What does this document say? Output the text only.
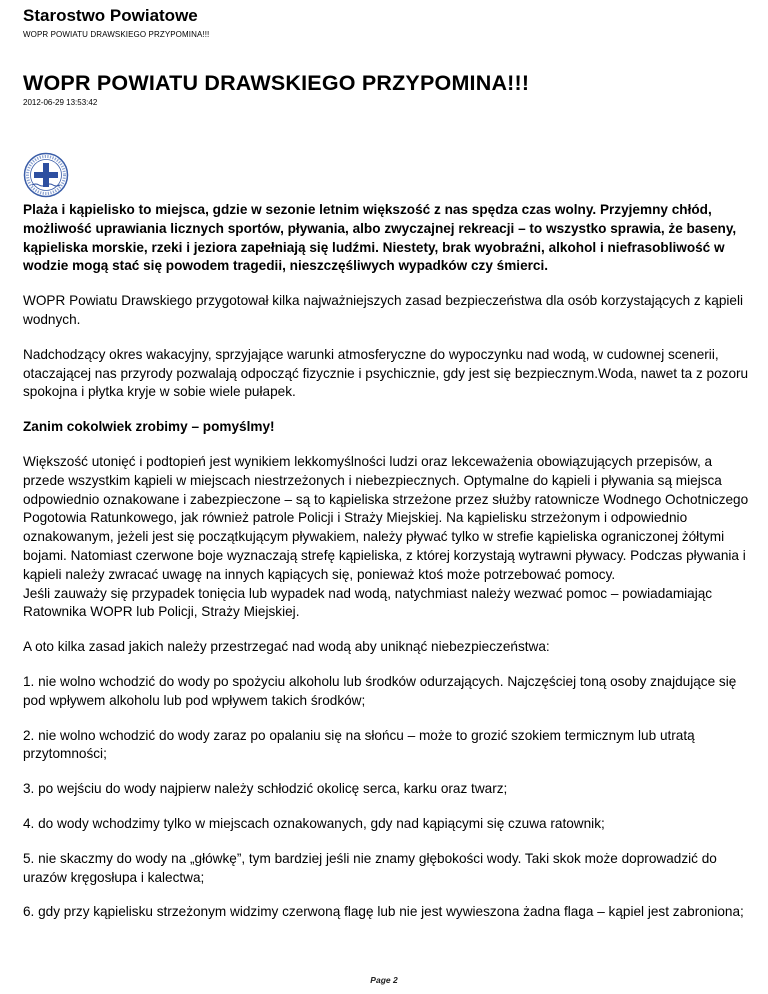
Starostwo Powiatowe
WOPR POWIATU DRAWSKIEGO PRZYPOMINA!!!
WOPR POWIATU DRAWSKIEGO PRZYPOMINA!!!
2012-06-29 13:53:42

Plaża i kąpielisko to miejsca, gdzie w sezonie letnim większość z nas spędza czas wolny. Przyjemny chłód, możliwość uprawiania licznych sportów, pływania, albo zwyczajnej rekreacji – to wszystko sprawia, że baseny, kąpieliska morskie, rzeki i jeziora zapełniają się ludźmi. Niestety, brak wyobraźni, alkohol i niefrasobliwość w wodzie mogą stać się powodem tragedii, nieszczęśliwych wypadków czy śmierci.

WOPR Powiatu Drawskiego przygotował kilka najważniejszych zasad bezpieczeństwa dla osób korzystających z kąpieli wodnych.

Nadchodzący okres wakacyjny, sprzyjające warunki atmosferyczne do wypoczynku nad wodą, w cudownej scenerii, otaczającej nas przyrody pozwalają odpocząć fizycznie i psychicznie, gdy jest się bezpiecznym.Woda, nawet ta z pozoru spokojna i płytka kryje w sobie wiele pułapek.

Zanim cokolwiek zrobimy – pomyślmy!

Większość utonięć i podtopień jest wynikiem lekkomyślności ludzi oraz lekceważenia obowiązujących przepisów, a przede wszystkim kąpieli w miejscach niestrzeżonych i niebezpiecznych. Optymalne do kąpieli i pływania są miejsca odpowiednio oznakowane i zabezpieczone – są to kąpieliska strzeżone przez służby ratownicze Wodnego Ochotniczego Pogotowia Ratunkowego, jak również patrole Policji i Straży Miejskiej. Na kąpielisku strzeżonym i odpowiednio oznakowanym, jeżeli jest się początkującym pływakiem, należy pływać tylko w strefie kąpieliska ograniczonej żółtymi bojami. Natomiast czerwone boje wyznaczają strefę kąpieliska, z której korzystają wytrawni pływacy. Podczas pływania i kąpieli należy zwracać uwagę na innych kąpiących się, ponieważ ktoś może potrzebować pomocy.
Jeśli zauważy się przypadek tonięcia lub wypadek nad wodą, natychmiast należy wezwać pomoc – powiadamiając Ratownika WOPR lub Policji, Straży Miejskiej.

A oto kilka zasad jakich należy przestrzegać nad wodą aby uniknąć niebezpieczeństwa:

1. nie wolno wchodzić do wody po spożyciu alkoholu lub środków odurzających. Najczęściej toną osoby znajdujące się pod wpływem alkoholu lub pod wpływem takich środków;

2. nie wolno wchodzić do wody zaraz po opalaniu się na słońcu – może to grozić szokiem termicznym lub utratą przytomności;

3. po wejściu do wody najpierw należy schłodzić okolicę serca, karku oraz twarz;

4. do wody wchodzimy tylko w miejscach oznakowanych, gdy nad kąpiącymi się czuwa ratownik;

5. nie skaczmy do wody na „główkę”, tym bardziej jeśli nie znamy głębokości wody. Taki skok może doprowadzić do urazów kręgosłupa i kalectwa;

6. gdy przy kąpielisku strzeżonym widzimy czerwoną flagę lub nie jest wywieszona żadna flaga – kąpiel jest zabroniona;

Page 2
